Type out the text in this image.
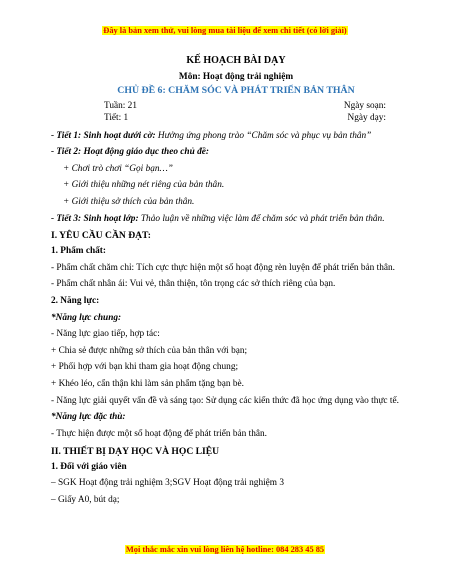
Đây là bản xem thử, vui lòng mua tài liệu để xem chi tiết (có lời giải)
KẾ HOẠCH BÀI DẠY
Môn: Hoạt động trải nghiệm
CHỦ ĐỀ 6: CHĂM SÓC VÀ PHÁT TRIỂN BẢN THÂN
Tuần: 21	Ngày soạn:
Tiết: 1	Ngày dạy:

- Tiết 1: Sinh hoạt dưới cờ: Hưởng ứng phong trào “Chăm sóc và phục vụ bản thân”

- Tiết 2: Hoạt động giáo dục theo chủ đề:

+ Chơi trò chơi “Gọi bạn…”

+ Giới thiệu những nét riêng của bản thân.

+ Giới thiệu sở thích của bản thân.

- Tiết 3: Sinh hoạt lớp: Thảo luận về những việc làm để chăm sóc và phát triển bản thân.

I. YÊU CẦU CẦN ĐẠT:

1. Phẩm chất:

- Phẩm chất chăm chỉ: Tích cực thực hiện một số hoạt động rèn luyện để phát triển bản thân.

- Phẩm chất nhân ái: Vui vẻ, thân thiện, tôn trọng các sở thích riêng của bạn.

2. Năng lực:

*Năng lực chung:

- Năng lực giao tiếp, hợp tác:

+ Chia sẻ được những sở thích của bản thân với bạn;

+ Phối hợp với bạn khi tham gia hoạt động chung;

+ Khéo léo, cẩn thận khi làm sản phẩm tặng bạn bè.

- Năng lực giải quyết vấn đề và sáng tạo: Sử dụng các kiến thức đã học ứng dụng vào thực tế.

*Năng lực đặc thù:

- Thực hiện được một số hoạt động để phát triển bản thân.

II. THIẾT BỊ DẠY HỌC VÀ HỌC LIỆU

1. Đối với giáo viên

– SGK Hoạt động trải nghiệm 3;SGV Hoạt động trải nghiệm 3

– Giấy A0, bút dạ;

Mọi thắc mắc xin vui lòng liên hệ hotline: 084 283 45 85
